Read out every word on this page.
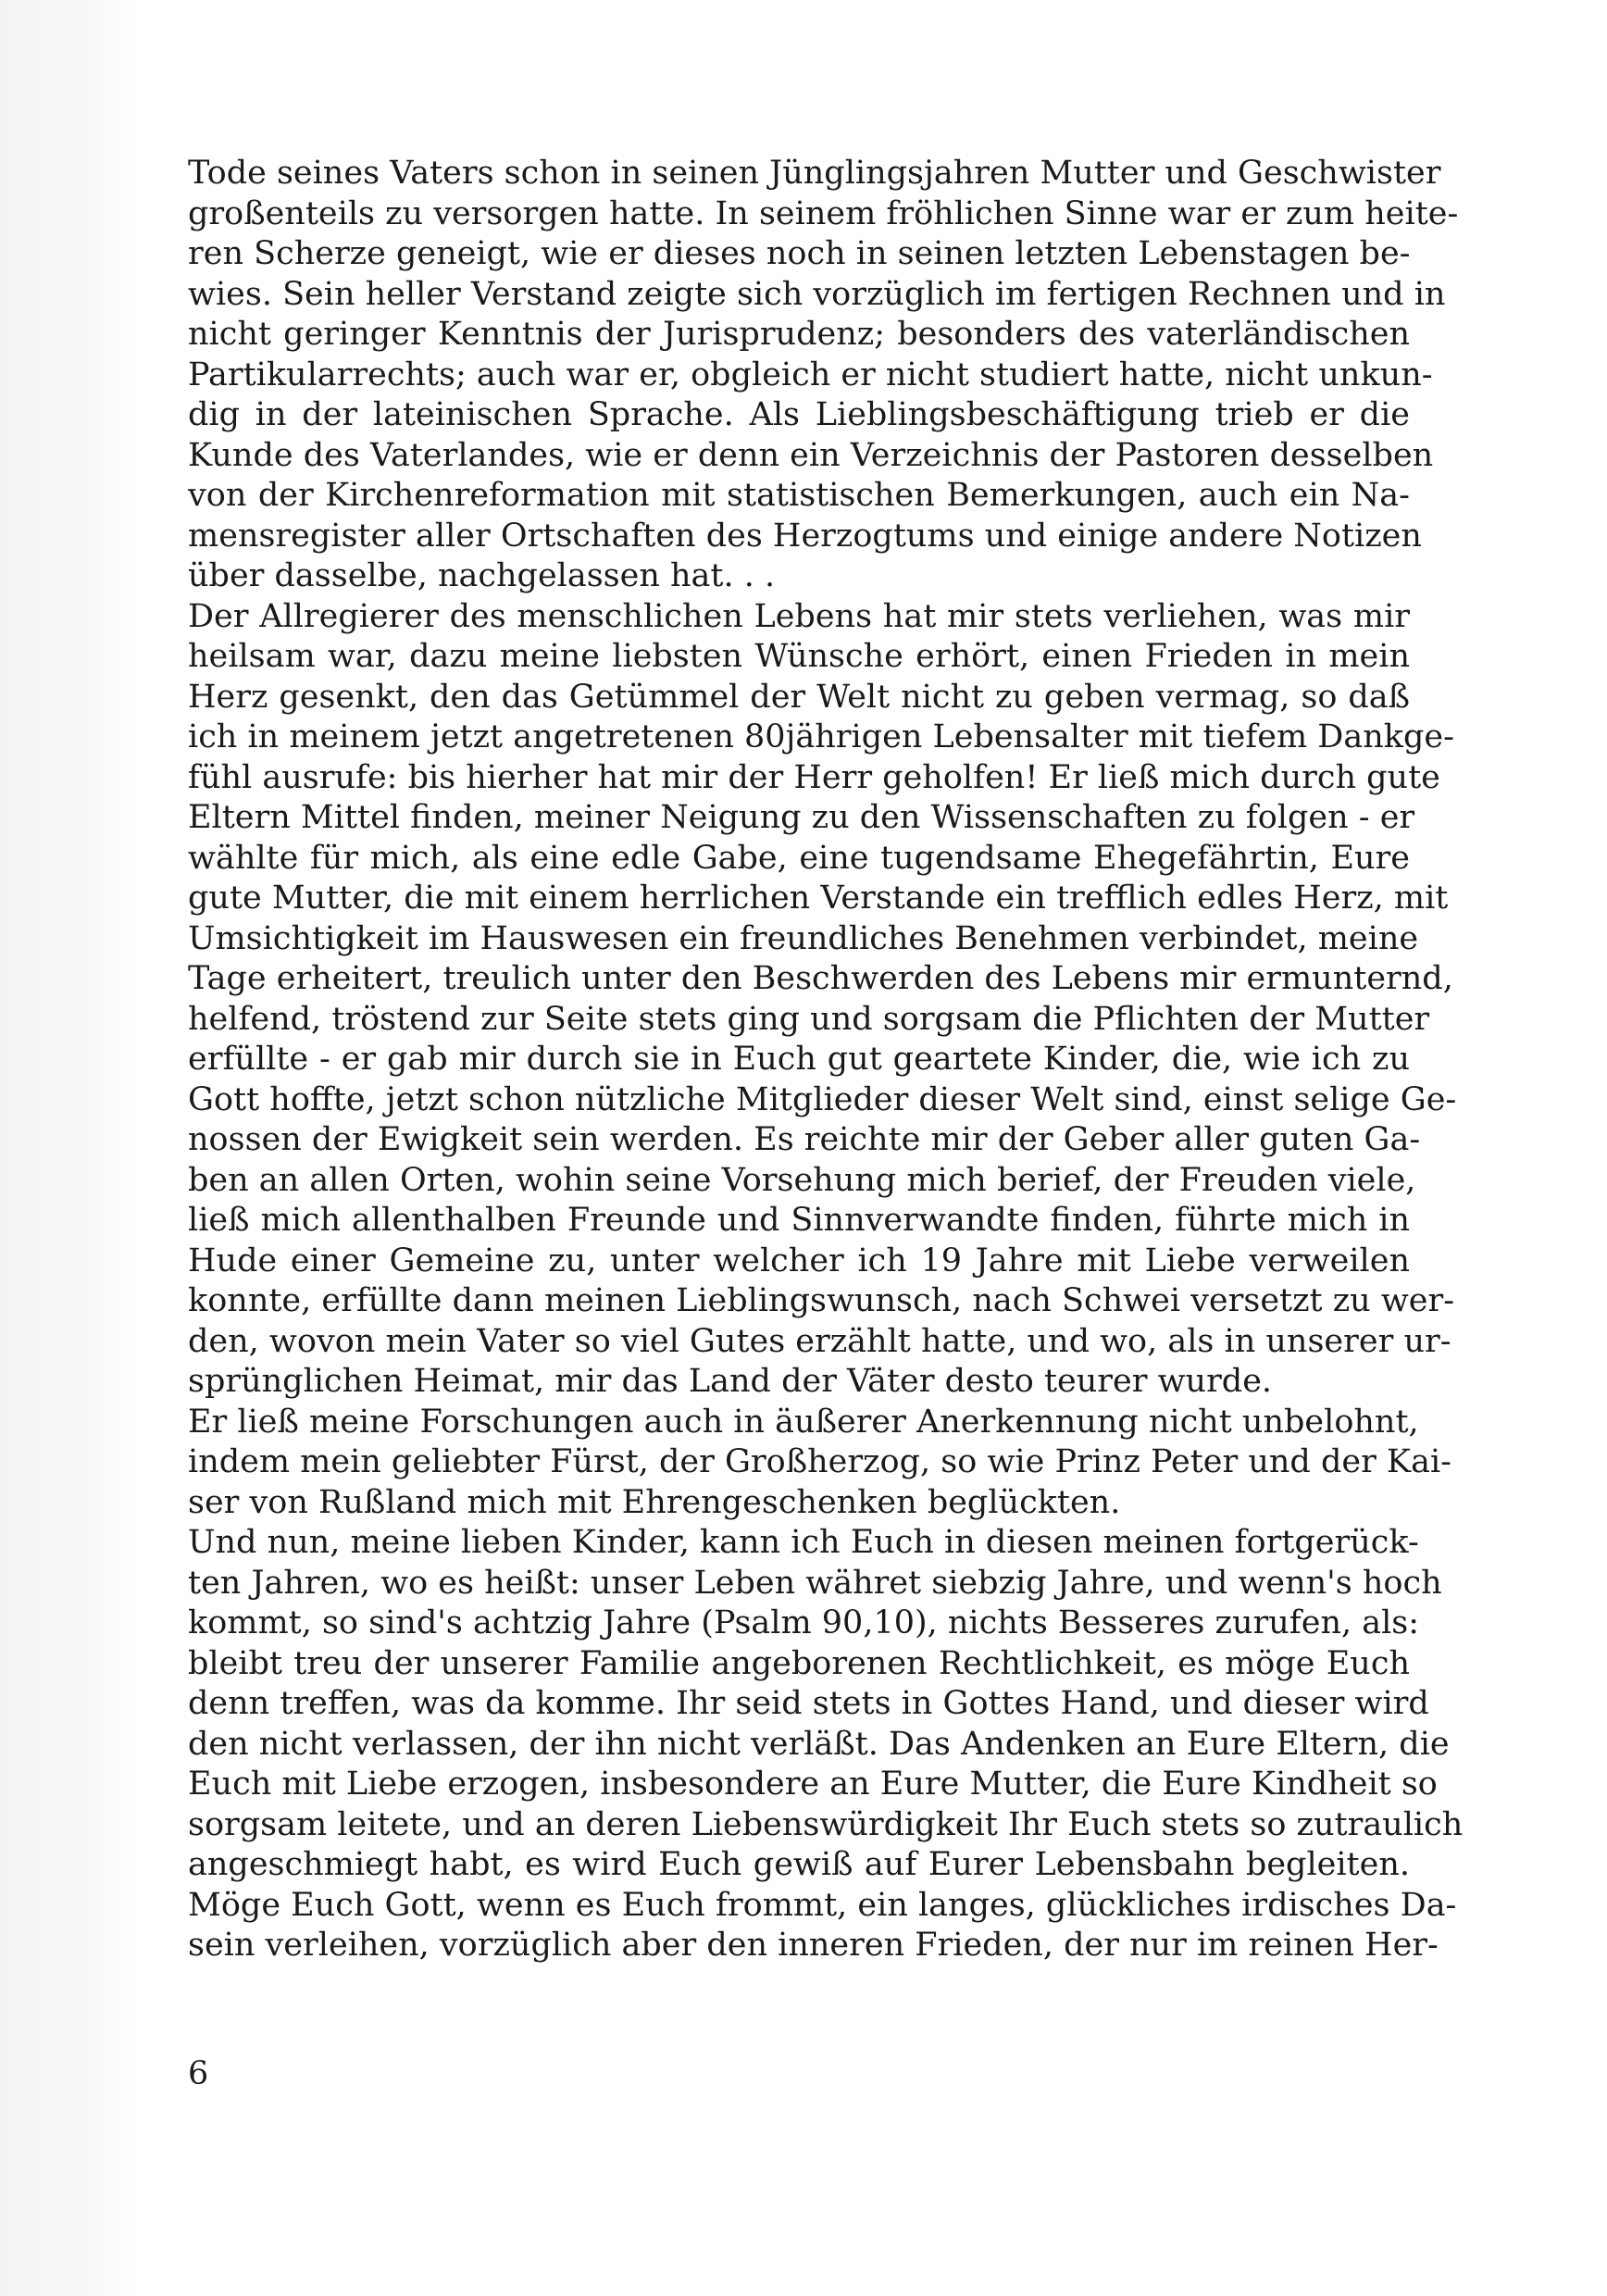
Tode seines Vaters schon in seinen Jünglingsjahren Mutter und Geschwister
großenteils zu versorgen hatte. In seinem fröhlichen Sinne war er zum heite-
ren Scherze geneigt, wie er dieses noch in seinen letzten Lebenstagen be-
wies. Sein heller Verstand zeigte sich vorzüglich im fertigen Rechnen und in
nicht geringer Kenntnis der Jurisprudenz; besonders des vaterländischen
Partikularrechts; auch war er, obgleich er nicht studiert hatte, nicht unkun-
dig in der lateinischen Sprache. Als Lieblingsbeschäftigung trieb er die
Kunde des Vaterlandes, wie er denn ein Verzeichnis der Pastoren desselben
von der Kirchenreformation mit statistischen Bemerkungen, auch ein Na-
mensregister aller Ortschaften des Herzogtums und einige andere Notizen
über dasselbe, nachgelassen hat. . .
Der Allregierer des menschlichen Lebens hat mir stets verliehen, was mir
heilsam war, dazu meine liebsten Wünsche erhört, einen Frieden in mein
Herz gesenkt, den das Getümmel der Welt nicht zu geben vermag, so daß
ich in meinem jetzt angetretenen 80jährigen Lebensalter mit tiefem Dankge-
fühl ausrufe: bis hierher hat mir der Herr geholfen! Er ließ mich durch gute
Eltern Mittel finden, meiner Neigung zu den Wissenschaften zu folgen - er
wählte für mich, als eine edle Gabe, eine tugendsame Ehegefährtin, Eure
gute Mutter, die mit einem herrlichen Verstande ein trefflich edles Herz, mit
Umsichtigkeit im Hauswesen ein freundliches Benehmen verbindet, meine
Tage erheitert, treulich unter den Beschwerden des Lebens mir ermunternd,
helfend, tröstend zur Seite stets ging und sorgsam die Pflichten der Mutter
erfüllte - er gab mir durch sie in Euch gut geartete Kinder, die, wie ich zu
Gott hoffte, jetzt schon nützliche Mitglieder dieser Welt sind, einst selige Ge-
nossen der Ewigkeit sein werden. Es reichte mir der Geber aller guten Ga-
ben an allen Orten, wohin seine Vorsehung mich berief, der Freuden viele,
ließ mich allenthalben Freunde und Sinnverwandte finden, führte mich in
Hude einer Gemeine zu, unter welcher ich 19 Jahre mit Liebe verweilen
konnte, erfüllte dann meinen Lieblingswunsch, nach Schwei versetzt zu wer-
den, wovon mein Vater so viel Gutes erzählt hatte, und wo, als in unserer ur-
sprünglichen Heimat, mir das Land der Väter desto teurer wurde.
Er ließ meine Forschungen auch in äußerer Anerkennung nicht unbelohnt,
indem mein geliebter Fürst, der Großherzog, so wie Prinz Peter und der Kai-
ser von Rußland mich mit Ehrengeschenken beglückten.
Und nun, meine lieben Kinder, kann ich Euch in diesen meinen fortgerück-
ten Jahren, wo es heißt: unser Leben währet siebzig Jahre, und wenn's hoch
kommt, so sind's achtzig Jahre (Psalm 90,10), nichts Besseres zurufen, als:
bleibt treu der unserer Familie angeborenen Rechtlichkeit, es möge Euch
denn treffen, was da komme. Ihr seid stets in Gottes Hand, und dieser wird
den nicht verlassen, der ihn nicht verläßt. Das Andenken an Eure Eltern, die
Euch mit Liebe erzogen, insbesondere an Eure Mutter, die Eure Kindheit so
sorgsam leitete, und an deren Liebenswürdigkeit Ihr Euch stets so zutraulich
angeschmiegt habt, es wird Euch gewiß auf Eurer Lebensbahn begleiten.
Möge Euch Gott, wenn es Euch frommt, ein langes, glückliches irdisches Da-
sein verleihen, vorzüglich aber den inneren Frieden, der nur im reinen Her-
6
